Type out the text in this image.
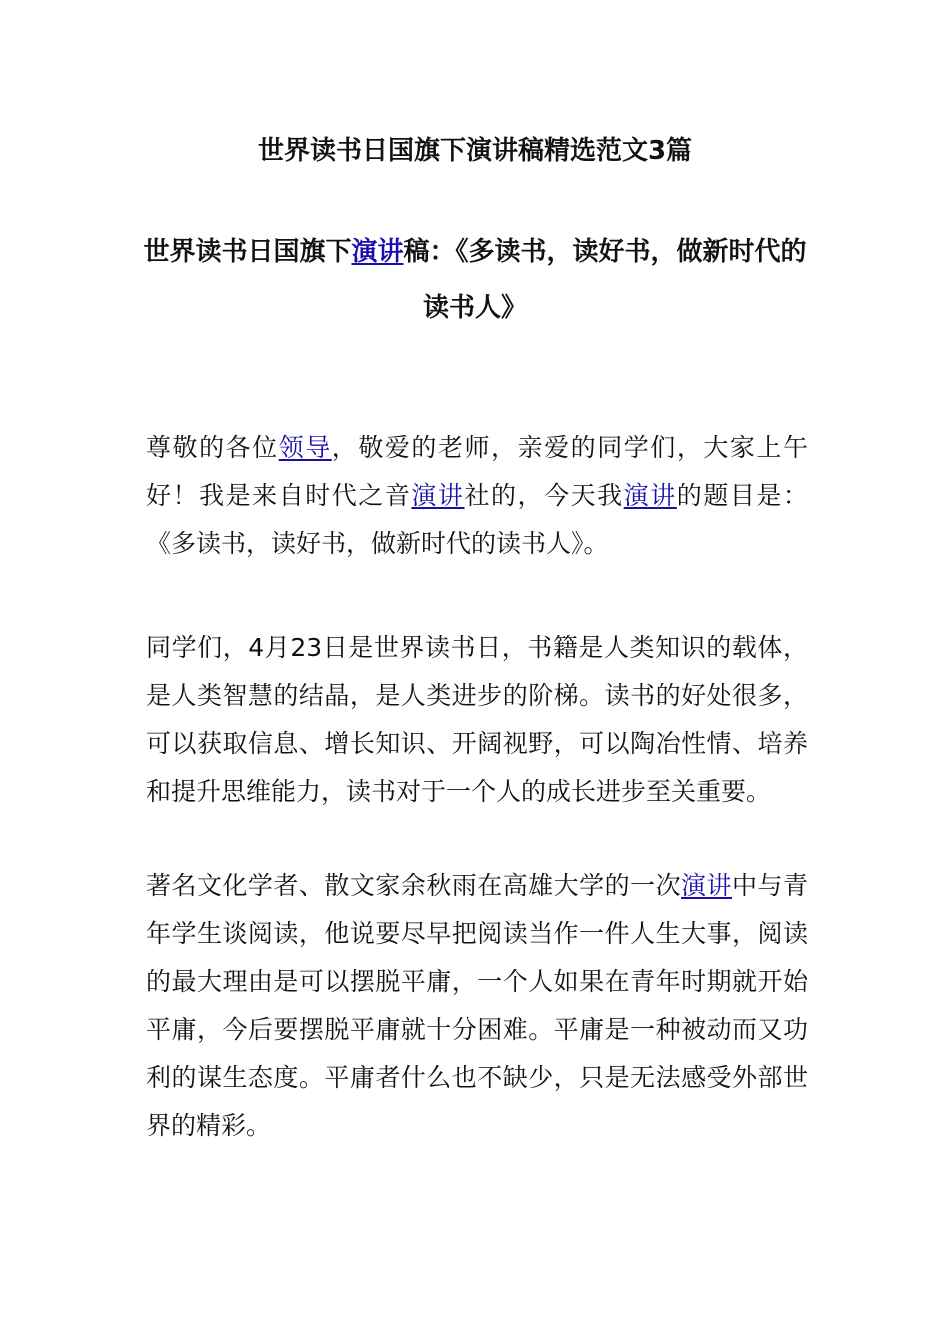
世界读书日国旗下演讲稿精选范文3篇
世界读书日国旗下演讲稿：《多读书，读好书，做新时代的读书人》

尊敬的各位领导，敬爱的老师，亲爱的同学们，大家上午好！我是来自时代之音演讲社的，今天我演讲的题目是：《多读书，读好书，做新时代的读书人》。

同学们，4月23日是世界读书日，书籍是人类知识的载体，是人类智慧的结晶，是人类进步的阶梯。读书的好处很多，可以获取信息、增长知识、开阔视野，可以陶冶性情、培养和提升思维能力，读书对于一个人的成长进步至关重要。

著名文化学者、散文家余秋雨在高雄大学的一次演讲中与青年学生谈阅读，他说要尽早把阅读当作一件人生大事，阅读的最大理由是可以摆脱平庸，一个人如果在青年时期就开始平庸，今后要摆脱平庸就十分困难。平庸是一种被动而又功利的谋生态度。平庸者什么也不缺少，只是无法感受外部世界的精彩。
